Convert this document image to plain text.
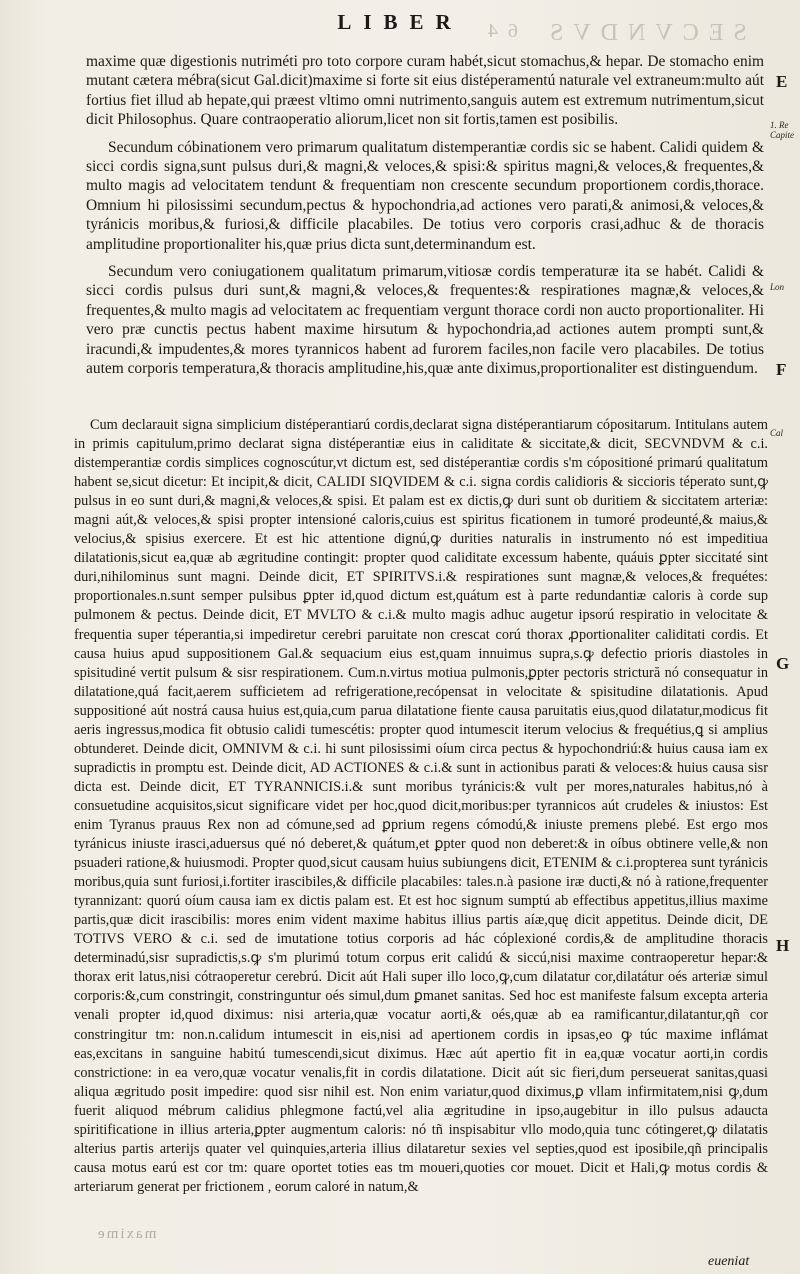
64 SECVNDVS
LIBER

maxime quæ digestionis nutriméti pro toto corpore curam habét,sicut stomachus,& hepar. De stomacho enim mutant cætera mébra(sicut Gal.dicit)maxime si forte sit eius distéperamentú naturale vel extraneum:multo aút fortius fiet illud ab hepate,qui præest vltimo omni nutrimento,sanguis autem est extremum nutrimentum,sicut dicit Philosophus. Quare contraoperatio aliorum,licet non sit fortis,tamen est posibilis.

Secundum cóbinationem vero primarum qualitatum distemperantiæ cordis sic se habent. Calidi quidem & sicci cordis signa,sunt pulsus duri,& magni,& veloces,& spisi:& spiritus magni,& veloces,& frequentes,& multo magis ad velocitatem tendunt & frequentiam non crescente secundum proportionem cordis,thorace. Omnium hi pilosissimi secundum,pectus & hypochondria,ad actiones vero parati,& animosi,& veloces,& tyránicis moribus,& furiosi,& difficile placabiles. De totius vero corporis crasi,adhuc & de thoracis amplitudine proportionaliter his,quæ prius dicta sunt,determinandum est.

Secundum vero coniugationem qualitatum primarum,vitiosæ cordis temperaturæ ita se habét. Calidi & sicci cordis pulsus duri sunt,& magni,& veloces,& frequentes:& respirationes magnæ,& veloces,& frequentes,& multo magis ad velocitatem ac frequentiam vergunt thorace cordi non aucto proportionaliter. Hi vero præ cunctis pectus habent maxime hirsutum & hypochondria,ad actiones autem prompti sunt,& iracundi,& impudentes,& mores tyrannicos habent ad furorem faciles,non facile vero placabiles. De totius autem corporis temperatura,& thoracis amplitudine,his,quæ ante diximus,proportionaliter est distinguendum.

Cum declarauit signa simplicium distéperantiarú cordis,declarat signa distéperantiarum cópositarum. Intitulans autem in primis capitulum,primo declarat signa distéperantiæ eius in caliditate & siccitate,& dicit, SECVNDVM & c.i. distemperantiæ cordis simplices cognoscútur,vt dictum est, sed distéperantiæ cordis s'm cópositioné primarú qualitatum habent se,sicut dicetur: Et incipit,& dicit, CALIDI SIQVIDEM & c.i. signa cordis calidioris & siccioris téperato sunt,ꝙ pulsus in eo sunt duri,& magni,& veloces,& spisi. Et palam est ex dictis,ꝙ duri sunt ob duritiem & siccitatem arteriæ: magni aút,& veloces,& spisi propter intensioné caloris,cuius est spiritus ficationem in tumoré prodeunté,& maius,& velocius,& spisius exercere. Et est hic attentione dignú,ꝙ durities naturalis in instrumento nó est impeditiua dilatationis,sicut ea,quæ ab ægritudine contingit: propter quod caliditate excessum habente, quáuis ꝑpter siccitaté sint duri,nihilominus sunt magni. Deinde dicit, ET SPIRITVS.i.& respirationes sunt magnæ,& veloces,& frequétes: proportionales.n.sunt semper pulsibus ꝑpter id,quod dictum est,quátum est à parte redundantiæ caloris à corde sup pulmonem & pectus. Deinde dicit, ET MVLTO & c.i.& multo magis adhuc augetur ipsorú respiratio in velocitate & frequentia super téperantia,si impediretur cerebri paruitate non crescat corú thorax ꝓportionaliter caliditati cordis. Et causa huius apud suppositionem Gal.& sequacium eius est,quam innuimus supra,s.ꝙ defectio prioris diastoles in spisitudiné vertit pulsum & sisr respirationem. Cum.n.virtus motiua pulmonis,ꝑpter pectoris strictură nó consequatur in dilatatione,quá facit,aerem sufficietem ad refrigeratione,recópensat in velocitate & spisitudine dilatationis. Apud suppositioné aút nostrá causa huius est,quia,cum parua dilatatione fiente causa paruitatis eius,quod dilatatur,modicus fit aeris ingressus,modica fit obtusio calidi tumescétis: propter quod intumescit iterum velocius & frequétius,ꝗ si amplius obtunderet. Deinde dicit, OMNIVM & c.i. hi sunt pilosissimi oíum circa pectus & hypochondriú:& huius causa iam ex supradictis in promptu est. Deinde dicit, AD ACTIONES & c.i.& sunt in actionibus parati & veloces:& huius causa sisr dicta est. Deinde dicit, ET TYRANNICIS.i.& sunt moribus tyránicis:& vult per mores,naturales habitus,nó à consuetudine acquisitos,sicut significare videt per hoc,quod dicit,moribus:per tyrannicos aút crudeles & iniustos: Est enim Tyranus prauus Rex non ad cómune,sed ad ꝑprium regens cómodú,& iniuste premens plebé. Est ergo mos tyránicus iniuste irasci,aduersus qué nó deberet,& quátum,et ꝑpter quod non deberet:& in oíbus obtinere velle,& non psuaderi ratione,& huiusmodi. Propter quod,sicut causam huius subiungens dicit, ETENIM & c.i.propterea sunt tyránicis moribus,quia sunt furiosi,i.fortiter irascibiles,& difficile placabiles: tales.n.à pasione iræ ducti,& nó à ratione,frequenter tyrannizant: quorú oíum causa iam ex dictis palam est. Et est hoc signum sumptú ab effectibus appetitus,illius maxime partis,quæ dicit irascibilis: mores enim vident maxime habitus illius partis aíæ,quę dicit appetitus. Deinde dicit, DE TOTIVS VERO & c.i. sed de imutatione totius corporis ad hác cóplexioné cordis,& de amplitudine thoracis determinadú,sisr supradictis,s.ꝙ s'm plurimú totum corpus erit calidú & siccú,nisi maxime contraoperetur hepar:& thorax erit latus,nisi cótraoperetur cerebrú. Dicit aút Hali super illo loco,ꝙ,cum dilatatur cor,dilatátur oés arteriæ simul corporis:&,cum constringit, constringuntur oés simul,dum ꝑmanet sanitas. Sed hoc est manifeste falsum excepta arteria venali propter id,quod diximus: nisi arteria,quæ vocatur aorti,& oés,quæ ab ea ramificantur,dilatantur,qñ cor constringitur tm: non.n.calidum intumescit in eis,nisi ad apertionem cordis in ipsas,eo ꝙ túc maxime inflámat eas,excitans in sanguine habitú tumescendi,sicut diximus. Hæc aút apertio fit in ea,quæ vocatur aorti,in cordis constrictione: in ea vero,quæ vocatur venalis,fit in cordis dilatatione. Dicit aút sic fieri,dum perseuerat sanitas,quasi aliqua ægritudo posit impedire: quod sisr nihil est. Non enim variatur,quod diximus,ꝑ vllam infirmitatem,nisi ꝙ,dum fuerit aliquod mébrum calidius phlegmone factú,vel alia ægritudine in ipso,augebitur in illo pulsus adaucta spiritificatione in illius arteria,ꝑpter augmentum caloris: nó tñ inspisabitur vllo modo,quia tunc cótingeret,ꝙ dilatatis alterius partis arterijs quater vel quinquies,arteria illius dilataretur sexies vel septies,quod est iposibile,qñ principalis causa motus earú est cor tm: quare oportet toties eas tm moueri,quoties cor mouet. Dicit et Hali,ꝙ motus cordis & arteriarum generat per frictionem , eorum caloré in natum,&

E
F
G
H
1. Re Capite
Lon
Cal
maxime
eueniat
